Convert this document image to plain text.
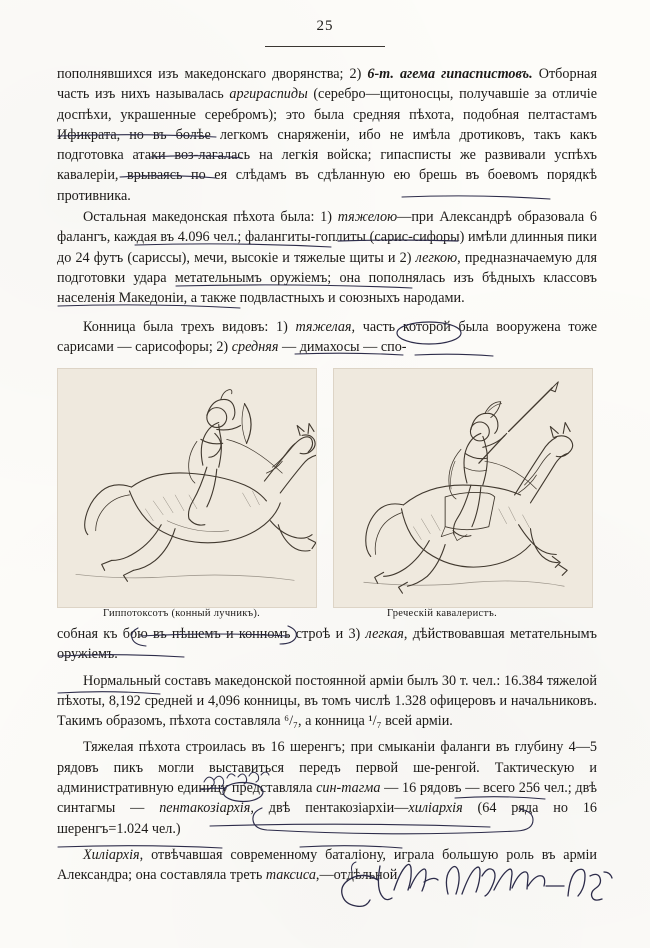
25

пополнявшихся изъ македонскаго дворянства; 2) 6-т. агема гипаспистовъ. Отборная часть изъ нихъ называлась аргираспиды (серебро—щитоносцы, получавшіе за отличіе доспѣхи, украшенные серебромъ); это была средняя пѣхота, подобная пелтастамъ Ификрата, но въ болѣе легкомъ снаряженіи, ибо не имѣла дротиковъ, такъ какъ подготовка атаки воз-лагалась на легкія войска; гипасписты же развивали успѣхъ кавалеріи, врываясь по ея слѣдамъ въ сдѣланную ею брешь въ боевомъ порядкѣ противника.

Остальная македонская пѣхота была: 1) тяжелою—при Александрѣ образовала 6 фалангъ, каждая въ 4.096 чел.; фалангиты-гоплиты (сарис-сифоры) имѣли длинныя пики до 24 футъ (сариссы), мечи, высокіе и тяжелые щиты и 2) легкою, предназначаемую для подготовки удара метательнымъ оружіемъ; она пополнялась изъ бѣдныхъ классовъ населенія Македоніи, а также подвластныхъ и союзныхъ народами.

Конница была трехъ видовъ: 1) тяжелая, часть которой была вооружена тоже сарисами — сарисофоры; 2) средняя — димахосы — спо-

Гиппотоксотъ (конный лучникъ).	Греческій кавалеристъ.

собная къ бою въ пѣшемъ и конномъ строѣ и 3) легкая, дѣйствовавшая метательнымъ оружіемъ.

Нормальный составъ македонской постоянной арміи былъ 30 т. чел.: 16.384 тяжелой пѣхоты, 8,192 средней и 4,096 конницы, въ томъ числѣ 1.328 офицеровъ и начальниковъ. Такимъ образомъ, пѣхота составляла ⁶/₇, а конница ¹/₇ всей арміи.

Тяжелая пѣхота строилась въ 16 шеренгъ; при смыканіи фаланги въ глубину 4—5 рядовъ пикъ могли выставиться передъ первой ше-ренгой. Тактическую и административную единицу представляла син-тагма — 16 рядовъ — всего 256 чел.; двѣ синтагмы — пентакозіархія, двѣ пентакозіархіи—хиліархія (64 ряда но 16 шеренгъ=1.024 чел.)

Хиліархія, отвѣчавшая современному баталіону, играла большую роль въ арміи Александра; она составляла треть таксиса,—отдѣльной
